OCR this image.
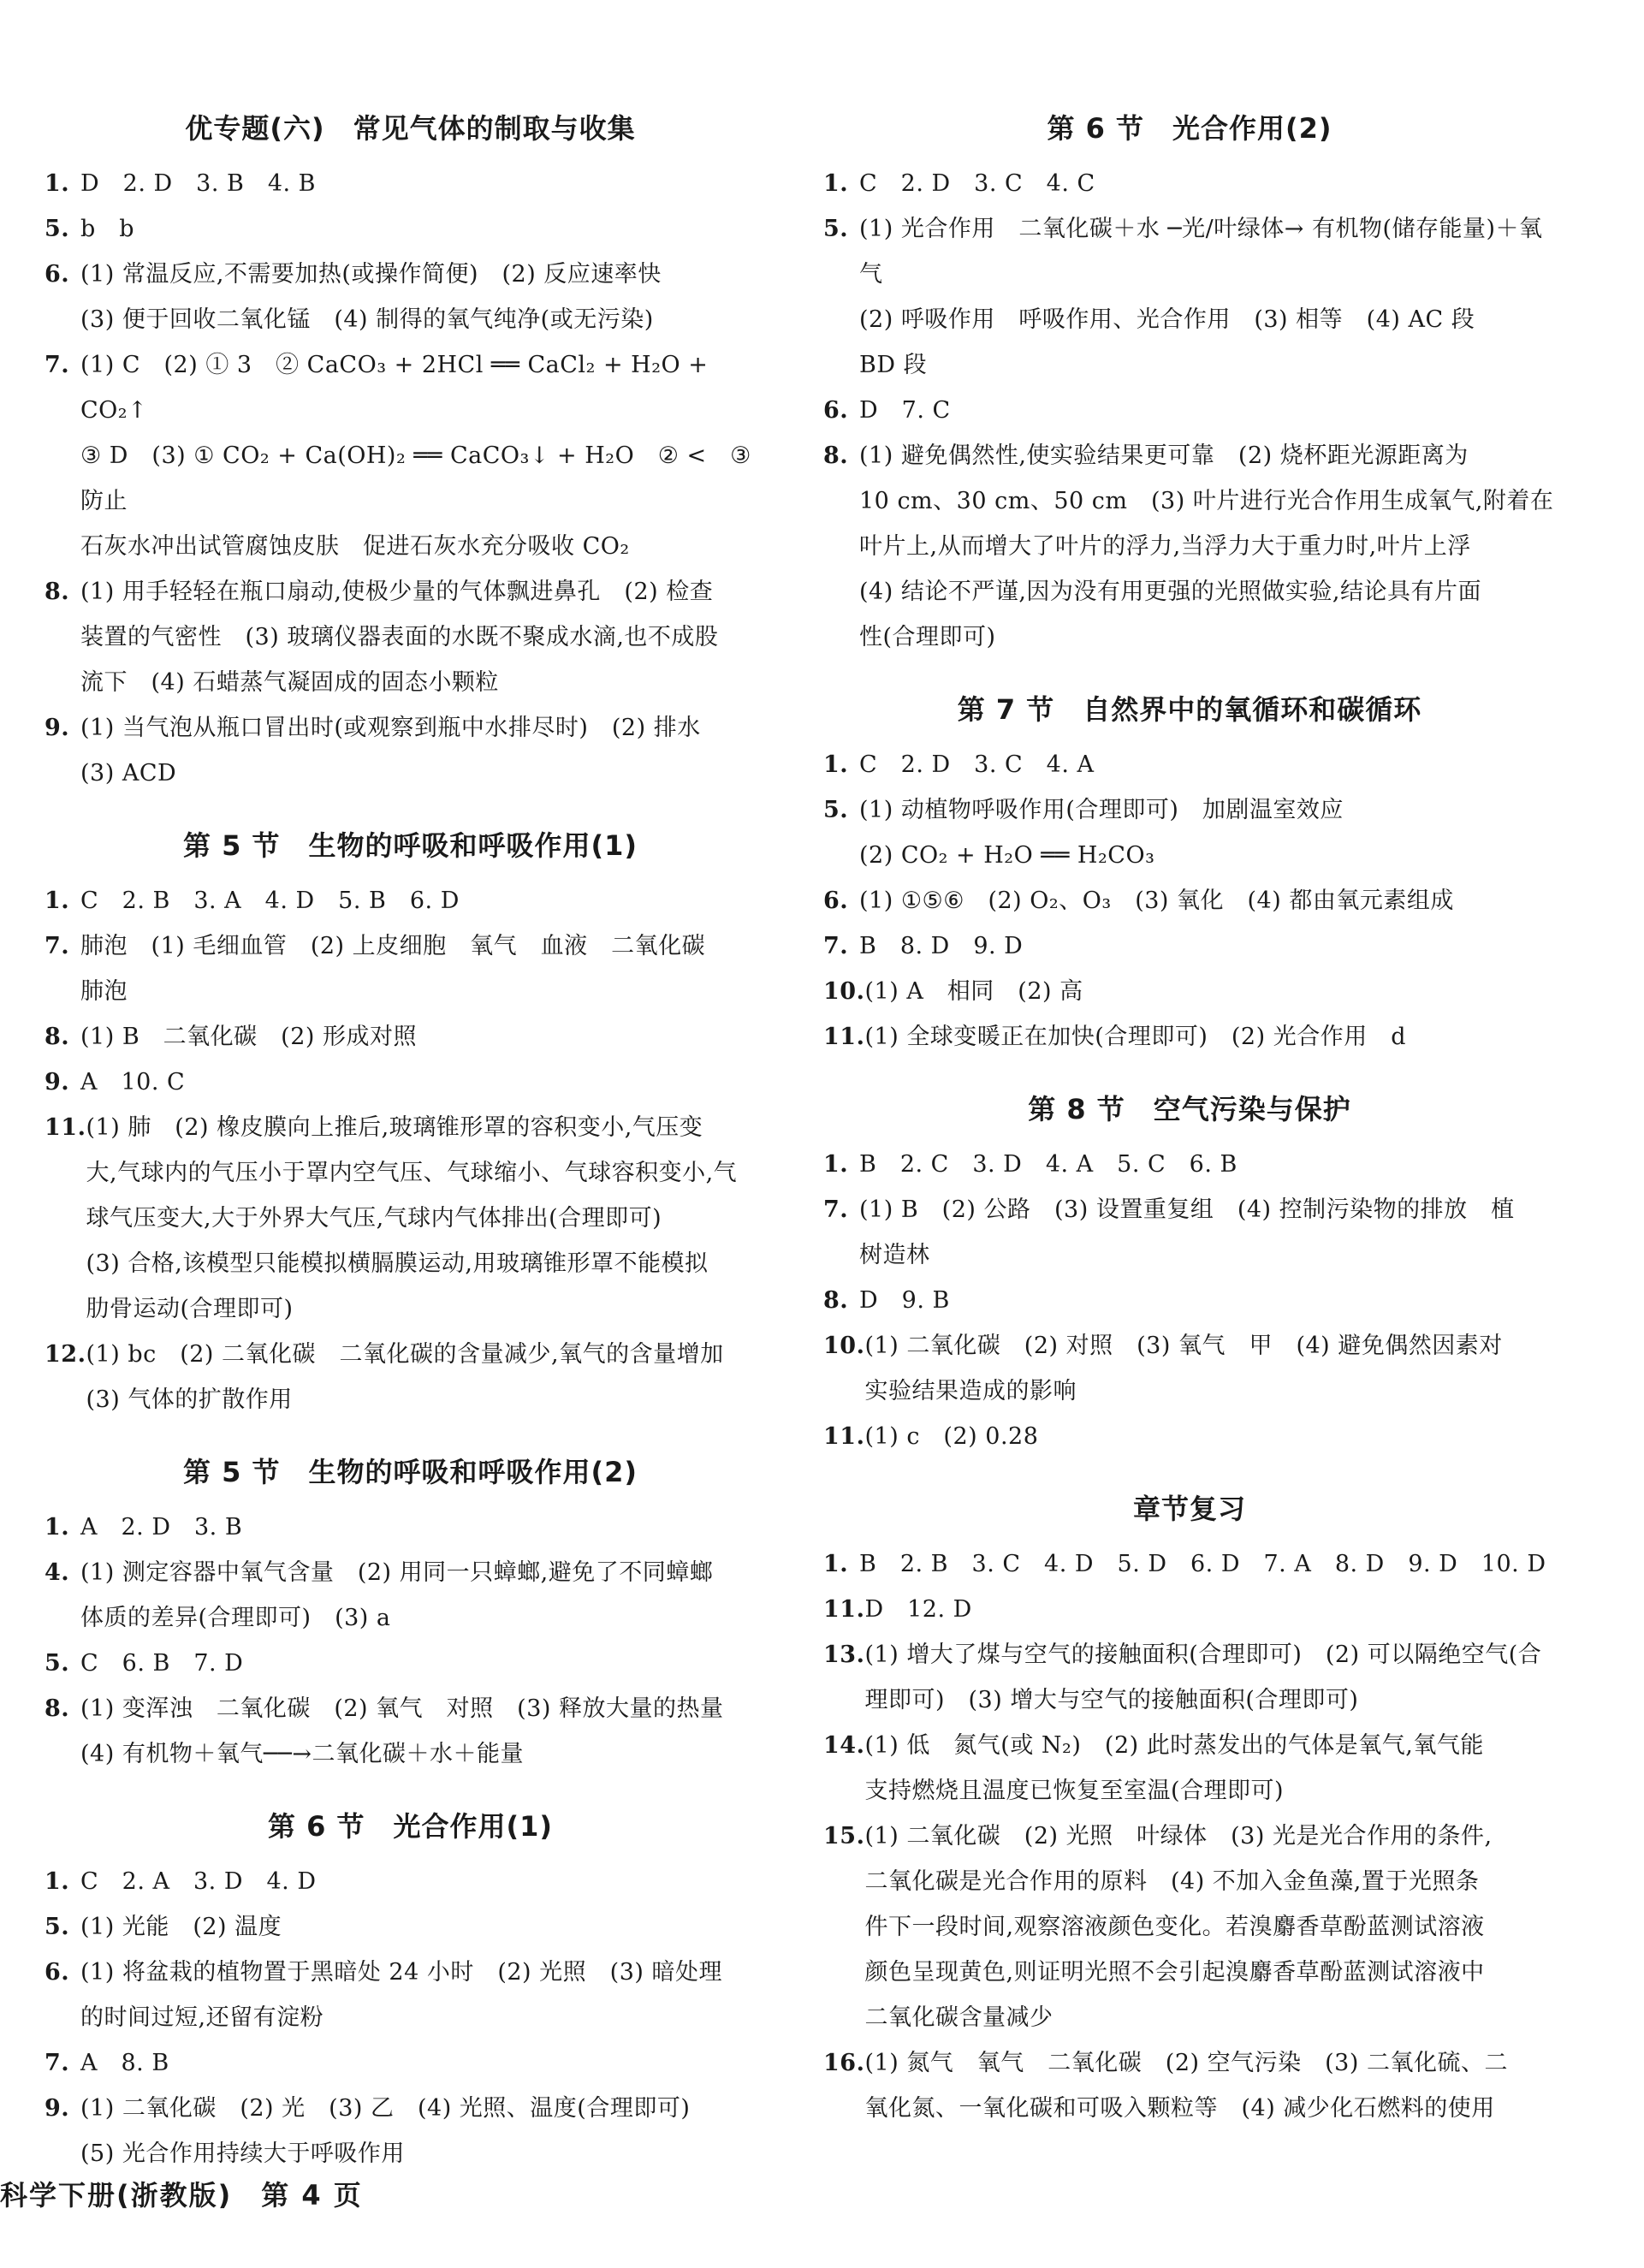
优专题(六)　常见气体的制取与收集
1. D　2. D　3. B　4. B
5. b　b
6. (1) 常温反应,不需要加热(或操作简便)　(2) 反应速率快
(3) 便于回收二氧化锰　(4) 制得的氧气纯净(或无污染)
7. (1) C　(2) ① 3　② CaCO₃ + 2HCl ══ CaCl₂ + H₂O + CO₂↑
③ D　(3) ① CO₂ + Ca(OH)₂ ══ CaCO₃↓ + H₂O　② <　③ 防止
石灰水冲出试管腐蚀皮肤　促进石灰水充分吸收 CO₂
8. (1) 用手轻轻在瓶口扇动,使极少量的气体飘进鼻孔　(2) 检查
装置的气密性　(3) 玻璃仪器表面的水既不聚成水滴,也不成股
流下　(4) 石蜡蒸气凝固成的固态小颗粒
9. (1) 当气泡从瓶口冒出时(或观察到瓶中水排尽时)　(2) 排水
(3) ACD
第 5 节　生物的呼吸和呼吸作用(1)
1. C　2. B　3. A　4. D　5. B　6. D
7. 肺泡　(1) 毛细血管　(2) 上皮细胞　氧气　血液　二氧化碳
肺泡
8. (1) B　二氧化碳　(2) 形成对照
9. A　10. C
11. (1) 肺　(2) 橡皮膜向上推后,玻璃锥形罩的容积变小,气压变
大,气球内的气压小于罩内空气压、气球缩小、气球容积变小,气
球气压变大,大于外界大气压,气球内气体排出(合理即可)
(3) 合格,该模型只能模拟横膈膜运动,用玻璃锥形罩不能模拟
肋骨运动(合理即可)
12. (1) bc　(2) 二氧化碳　二氧化碳的含量减少,氧气的含量增加
(3) 气体的扩散作用
第 5 节　生物的呼吸和呼吸作用(2)
1. A　2. D　3. B
4. (1) 测定容器中氧气含量　(2) 用同一只蟑螂,避免了不同蟑螂
体质的差异(合理即可)　(3) a
5. C　6. B　7. D
8. (1) 变浑浊　二氧化碳　(2) 氧气　对照　(3) 释放大量的热量
(4) 有机物＋氧气──→二氧化碳＋水＋能量
第 6 节　光合作用(1)
1. C　2. A　3. D　4. D
5. (1) 光能　(2) 温度
6. (1) 将盆栽的植物置于黑暗处 24 小时　(2) 光照　(3) 暗处理
的时间过短,还留有淀粉
7. A　8. B
9. (1) 二氧化碳　(2) 光　(3) 乙　(4) 光照、温度(合理即可)
(5) 光合作用持续大于呼吸作用
第 6 节　光合作用(2)
1. C　2. D　3. C　4. C
5. (1) 光合作用　二氧化碳＋水 ─光/叶绿体→ 有机物(储存能量)＋氧气
(2) 呼吸作用　呼吸作用、光合作用　(3) 相等　(4) AC 段
BD 段
6. D　7. C
8. (1) 避免偶然性,使实验结果更可靠　(2) 烧杯距光源距离为
10 cm、30 cm、50 cm　(3) 叶片进行光合作用生成氧气,附着在
叶片上,从而增大了叶片的浮力,当浮力大于重力时,叶片上浮
(4) 结论不严谨,因为没有用更强的光照做实验,结论具有片面
性(合理即可)
第 7 节　自然界中的氧循环和碳循环
1. C　2. D　3. C　4. A
5. (1) 动植物呼吸作用(合理即可)　加剧温室效应
(2) CO₂ + H₂O ══ H₂CO₃
6. (1) ①⑤⑥　(2) O₂、O₃　(3) 氧化　(4) 都由氧元素组成
7. B　8. D　9. D
10. (1) A　相同　(2) 高
11. (1) 全球变暖正在加快(合理即可)　(2) 光合作用　d
第 8 节　空气污染与保护
1. B　2. C　3. D　4. A　5. C　6. B
7. (1) B　(2) 公路　(3) 设置重复组　(4) 控制污染物的排放　植
树造林
8. D　9. B
10. (1) 二氧化碳　(2) 对照　(3) 氧气　甲　(4) 避免偶然因素对
实验结果造成的影响
11. (1) c　(2) 0.28
章节复习
1. B　2. B　3. C　4. D　5. D　6. D　7. A　8. D　9. D　10. D
11. D　12. D
13. (1) 增大了煤与空气的接触面积(合理即可)　(2) 可以隔绝空气(合
理即可)　(3) 增大与空气的接触面积(合理即可)
14. (1) 低　氮气(或 N₂)　(2) 此时蒸发出的气体是氧气,氧气能
支持燃烧且温度已恢复至室温(合理即可)
15. (1) 二氧化碳　(2) 光照　叶绿体　(3) 光是光合作用的条件,
二氧化碳是光合作用的原料　(4) 不加入金鱼藻,置于光照条
件下一段时间,观察溶液颜色变化。若溴麝香草酚蓝测试溶液
颜色呈现黄色,则证明光照不会引起溴麝香草酚蓝测试溶液中
二氧化碳含量减少
16. (1) 氮气　氧气　二氧化碳　(2) 空气污染　(3) 二氧化硫、二
氧化氮、一氧化碳和可吸入颗粒等　(4) 减少化石燃料的使用
科学下册(浙教版)　第 4 页
